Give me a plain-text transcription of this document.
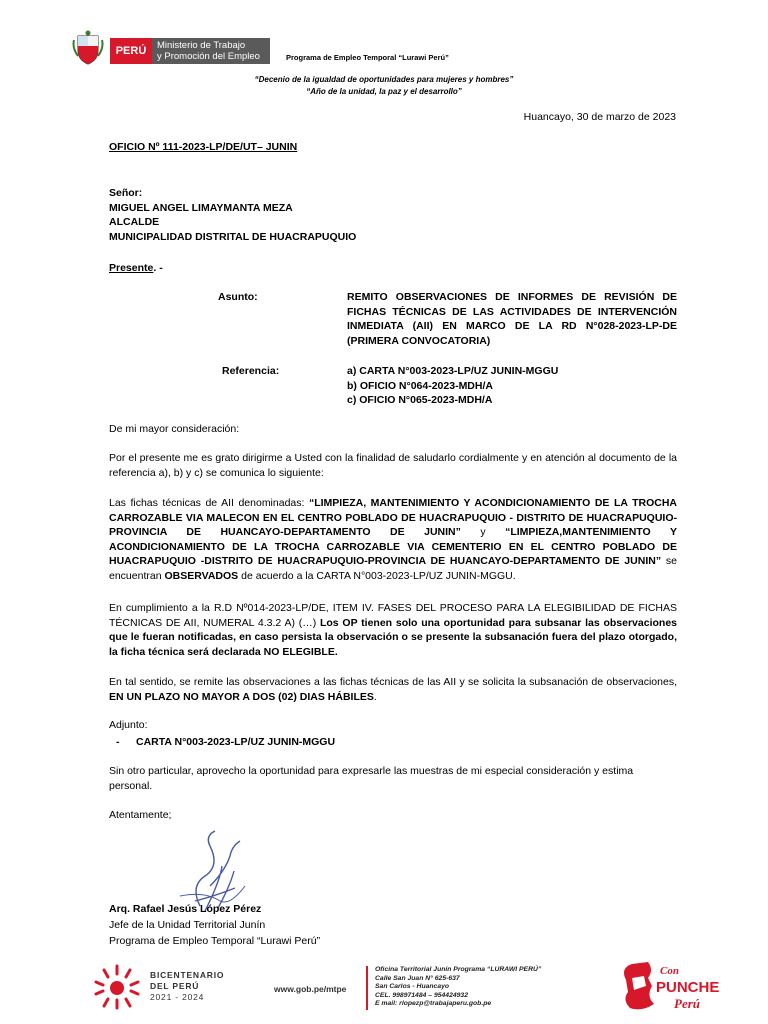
PERÚ	Ministerio de Trabajo
y Promoción del Empleo	Programa de Empleo Temporal “Lurawi Perú”
“Decenio de la igualdad de oportunidades para mujeres y hombres”
“Año de la unidad, la paz y el desarrollo”
Huancayo, 30 de marzo de 2023
OFICIO Nº 111-2023-LP/DE/UT– JUNIN
Señor:
MIGUEL ANGEL LIMAYMANTA MEZA
ALCALDE
MUNICIPALIDAD DISTRITAL DE HUACRAPUQUIO
Presente. -
Asunto:	REMITO OBSERVACIONES DE INFORMES DE REVISIÓN DE FICHAS TÉCNICAS DE LAS ACTIVIDADES DE INTERVENCIÓN INMEDIATA (AII) EN MARCO DE LA RD N°028-2023-LP-DE (PRIMERA CONVOCATORIA)
Referencia:	a) CARTA N°003-2023-LP/UZ JUNIN-MGGU
b) OFICIO N°064-2023-MDH/A
c) OFICIO N°065-2023-MDH/A
De mi mayor consideración:
Por el presente me es grato dirigirme a Usted con la finalidad de saludarlo cordialmente y en atención al documento de la referencia a), b) y c) se comunica lo siguiente:
Las fichas técnicas de AII denominadas: “LIMPIEZA, MANTENIMIENTO Y ACONDICIONAMIENTO DE LA TROCHA CARROZABLE VIA MALECON EN EL CENTRO POBLADO DE HUACRAPUQUIO - DISTRITO DE HUACRAPUQUIO-PROVINCIA DE HUANCAYO-DEPARTAMENTO DE JUNIN” y “LIMPIEZA,MANTENIMIENTO Y ACONDICIONAMIENTO DE LA TROCHA CARROZABLE VIA CEMENTERIO EN EL CENTRO POBLADO DE HUACRAPUQUIO -DISTRITO DE HUACRAPUQUIO-PROVINCIA DE HUANCAYO-DEPARTAMENTO DE JUNIN” se encuentran OBSERVADOS de acuerdo a la CARTA N°003-2023-LP/UZ JUNIN-MGGU.
En cumplimiento a la R.D Nº014-2023-LP/DE, ITEM IV. FASES DEL PROCESO PARA LA ELEGIBILIDAD DE FICHAS TÉCNICAS DE AII, NUMERAL 4.3.2 A) (…) Los OP tienen solo una oportunidad para subsanar las observaciones que le fueran notificadas, en caso persista la observación o se presente la subsanación fuera del plazo otorgado, la ficha técnica será declarada NO ELEGIBLE.
En tal sentido, se remite las observaciones a las fichas técnicas de las AII y se solicita la subsanación de observaciones, EN UN PLAZO NO MAYOR A DOS (02) DIAS HÁBILES.
Adjunto:
- CARTA N°003-2023-LP/UZ JUNIN-MGGU
Sin otro particular, aprovecho la oportunidad para expresarle las muestras de mi especial consideración y estima personal.
Atentamente;
Arq. Rafael Jesús López Pérez
Jefe de la Unidad Territorial Junín
Programa de Empleo Temporal “Lurawi Perú”
BICENTENARIO
DEL PERÚ
2021 - 2024
www.gob.pe/mtpe
Oficina Territorial Junín Programa “LURAWI PERÚ”
Calle San Juan N° 625-637
San Carlos - Huancayo
CEL. 998971484 – 954424932
E mail: rlopezp@trabajaperu.gob.pe
Con
PUNCHE
Perú
